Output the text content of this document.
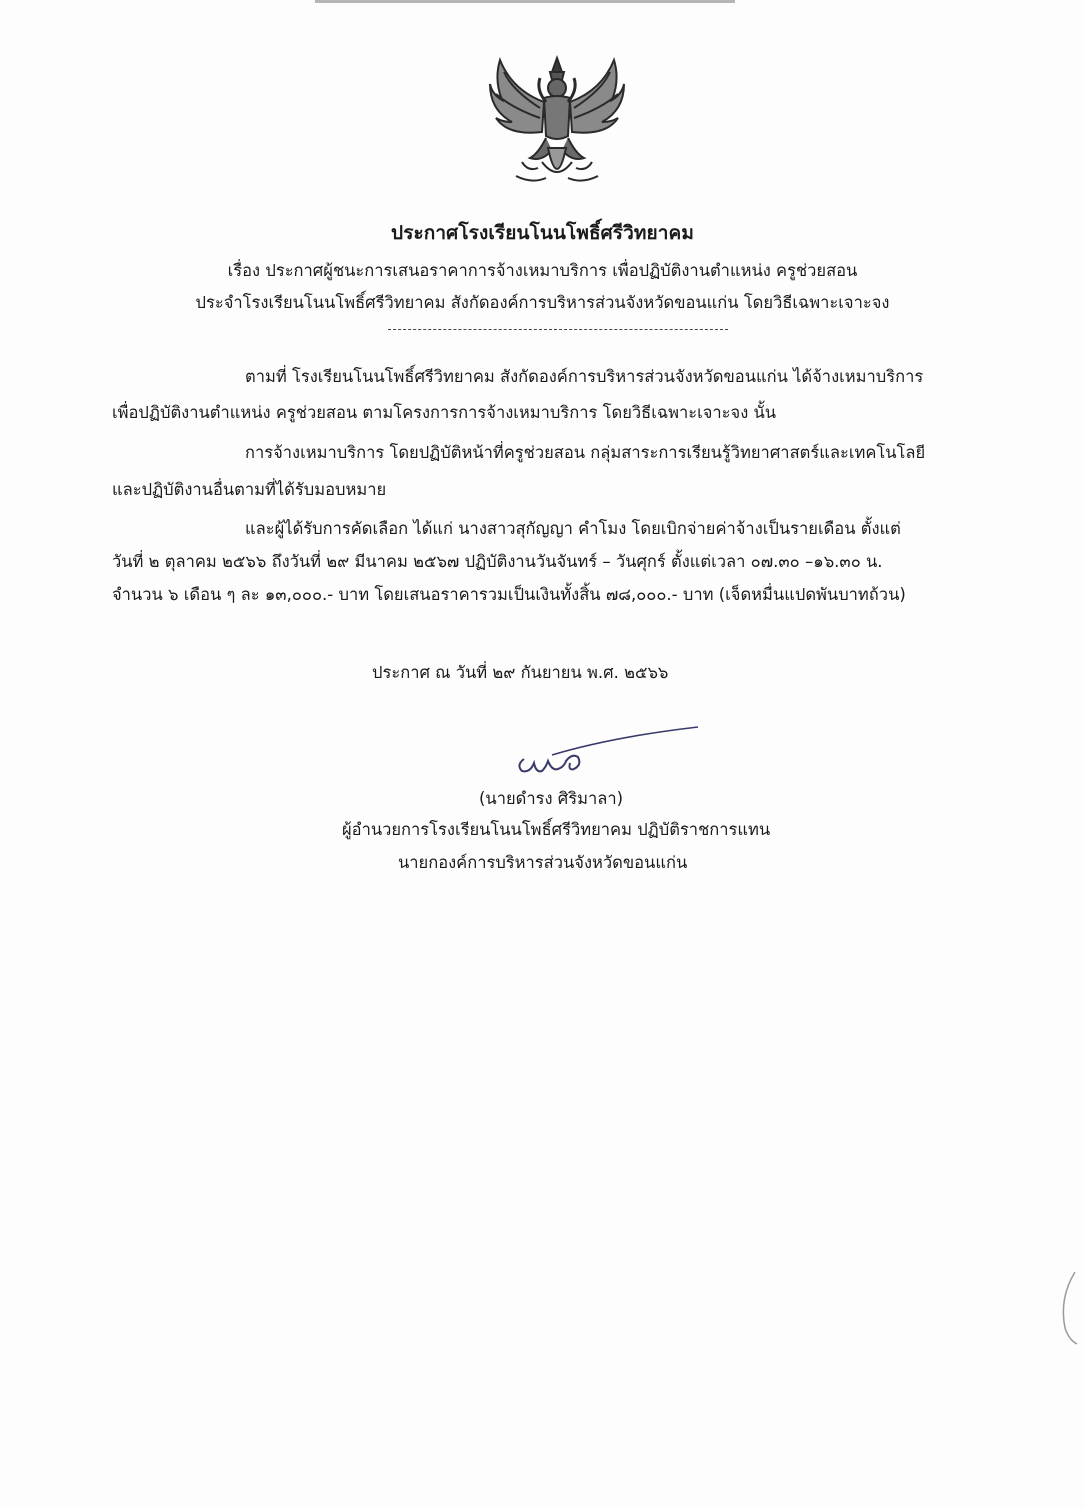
ประกาศโรงเรียนโนนโพธิ์ศรีวิทยาคม
เรื่อง ประกาศผู้ชนะการเสนอราคาการจ้างเหมาบริการ เพื่อปฏิบัติงานตำแหน่ง ครูช่วยสอน
ประจำโรงเรียนโนนโพธิ์ศรีวิทยาคม สังกัดองค์การบริหารส่วนจังหวัดขอนแก่น โดยวิธีเฉพาะเจาะจง
ตามที่ โรงเรียนโนนโพธิ์ศรีวิทยาคม สังกัดองค์การบริหารส่วนจังหวัดขอนแก่น ได้จ้างเหมาบริการ
เพื่อปฏิบัติงานตำแหน่ง ครูช่วยสอน ตามโครงการการจ้างเหมาบริการ โดยวิธีเฉพาะเจาะจง นั้น
การจ้างเหมาบริการ โดยปฏิบัติหน้าที่ครูช่วยสอน กลุ่มสาระการเรียนรู้วิทยาศาสตร์และเทคโนโลยี
และปฏิบัติงานอื่นตามที่ได้รับมอบหมาย
และผู้ได้รับการคัดเลือก ได้แก่ นางสาวสุกัญญา คำโมง โดยเบิกจ่ายค่าจ้างเป็นรายเดือน ตั้งแต่
วันที่ ๒ ตุลาคม ๒๕๖๖ ถึงวันที่ ๒๙ มีนาคม ๒๕๖๗ ปฏิบัติงานวันจันทร์ – วันศุกร์ ตั้งแต่เวลา ๐๗.๓๐ –๑๖.๓๐ น.
จำนวน ๖ เดือน ๆ ละ ๑๓,๐๐๐.- บาท โดยเสนอราคารวมเป็นเงินทั้งสิ้น ๗๘,๐๐๐.- บาท (เจ็ดหมื่นแปดพันบาทถ้วน)
ประกาศ ณ วันที่ ๒๙ กันยายน พ.ศ. ๒๕๖๖
(นายดำรง ศิริมาลา)
ผู้อำนวยการโรงเรียนโนนโพธิ์ศรีวิทยาคม ปฏิบัติราชการแทน
นายกองค์การบริหารส่วนจังหวัดขอนแก่น
